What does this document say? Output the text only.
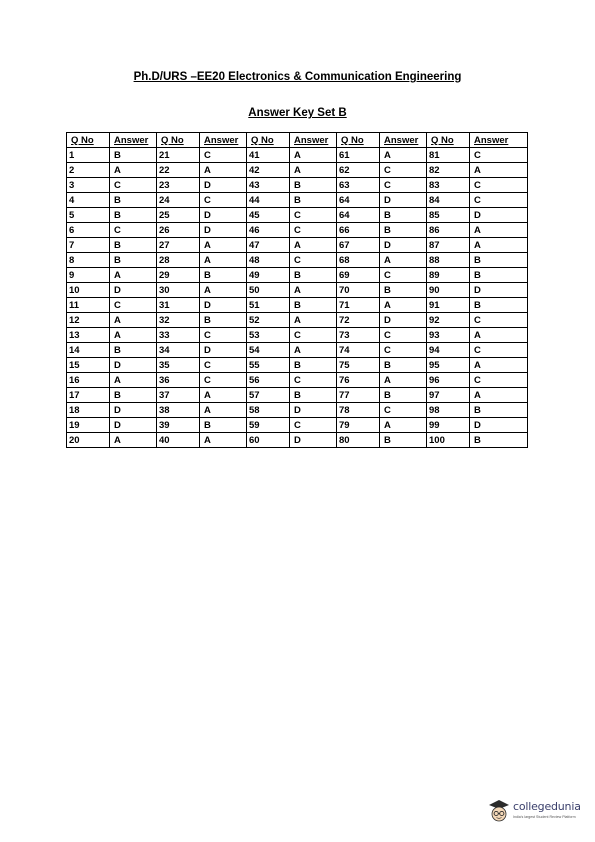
Ph.D/URS –EE20 Electronics & Communication Engineering
Answer Key Set B
Q No	Answer	Q No	Answer	Q No	Answer	Q No	Answer	Q No	Answer
1	B	21	C	41	A	61	A	81	C
2	A	22	A	42	A	62	C	82	A
3	C	23	D	43	B	63	C	83	C
4	B	24	C	44	B	64	D	84	C
5	B	25	D	45	C	64	B	85	D
6	C	26	D	46	C	66	B	86	A
7	B	27	A	47	A	67	D	87	A
8	B	28	A	48	C	68	A	88	B
9	A	29	B	49	B	69	C	89	B
10	D	30	A	50	A	70	B	90	D
11	C	31	D	51	B	71	A	91	B
12	A	32	B	52	A	72	D	92	C
13	A	33	C	53	C	73	C	93	A
14	B	34	D	54	A	74	C	94	C
15	D	35	C	55	B	75	B	95	A
16	A	36	C	56	C	76	A	96	C
17	B	37	A	57	B	77	B	97	A
18	D	38	A	58	D	78	C	98	B
19	D	39	B	59	C	79	A	99	D
20	A	40	A	60	D	80	B	100	B
collegedunia
India's largest Student Review Platform
